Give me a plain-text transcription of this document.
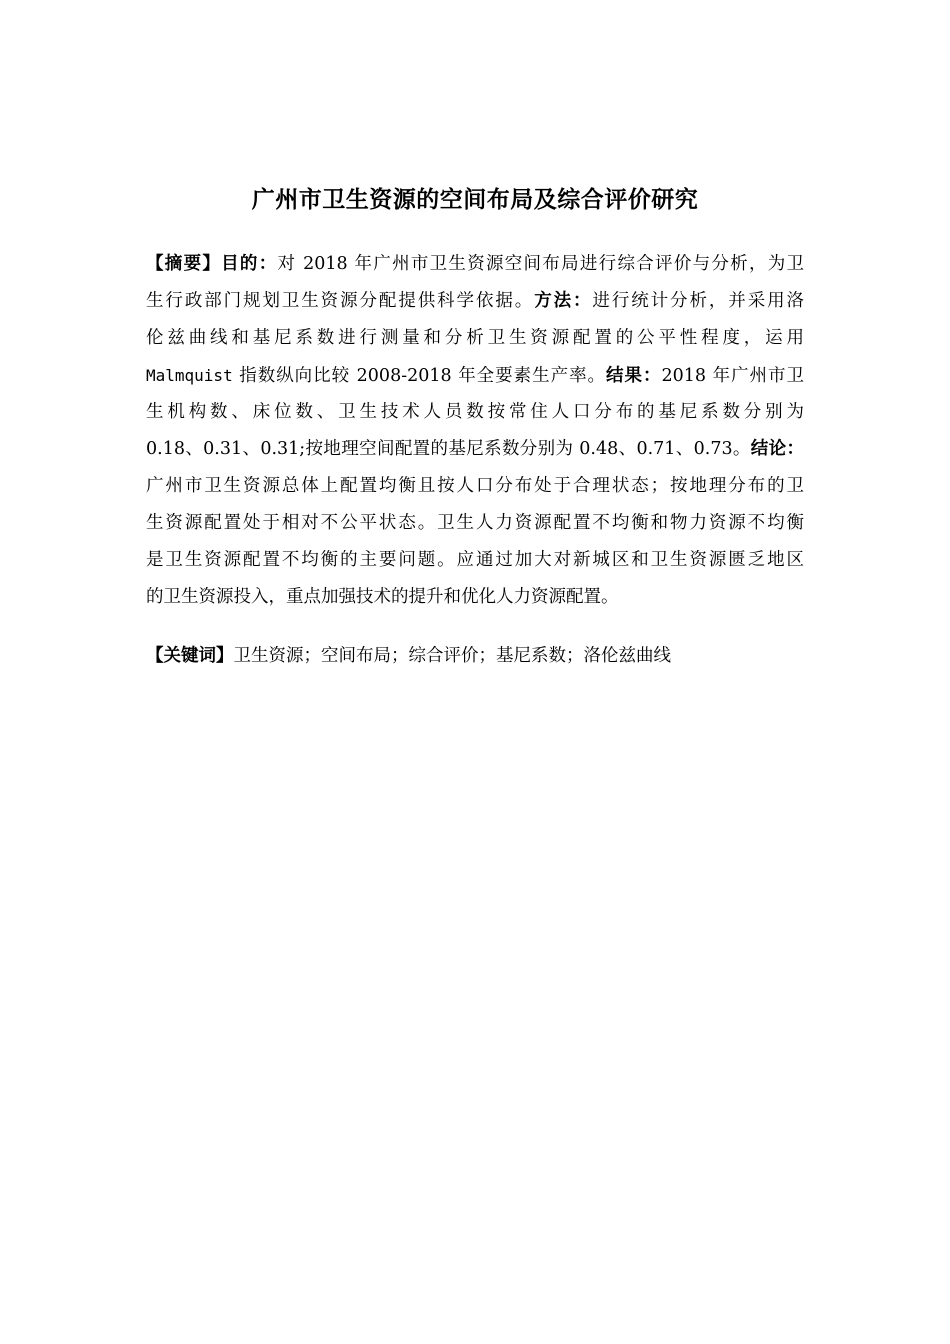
广州市卫生资源的空间布局及综合评价研究
【摘要】目的：对 2018 年广州市卫生资源空间布局进行综合评价与分析，为卫
生行政部门规划卫生资源分配提供科学依据。方法：进行统计分析，并采用洛
伦兹曲线和基尼系数进行测量和分析卫生资源配置的公平性程度，运用
Malmquist 指数纵向比较 2008-2018 年全要素生产率。结果：2018 年广州市卫
生机构数、床位数、卫生技术人员数按常住人口分布的基尼系数分别为
0.18、0.31、0.31;按地理空间配置的基尼系数分别为 0.48、0.71、0.73。结论：
广州市卫生资源总体上配置均衡且按人口分布处于合理状态；按地理分布的卫
生资源配置处于相对不公平状态。卫生人力资源配置不均衡和物力资源不均衡
是卫生资源配置不均衡的主要问题。应通过加大对新城区和卫生资源匮乏地区
的卫生资源投入，重点加强技术的提升和优化人力资源配置。

【关键词】卫生资源；空间布局；综合评价；基尼系数；洛伦兹曲线
